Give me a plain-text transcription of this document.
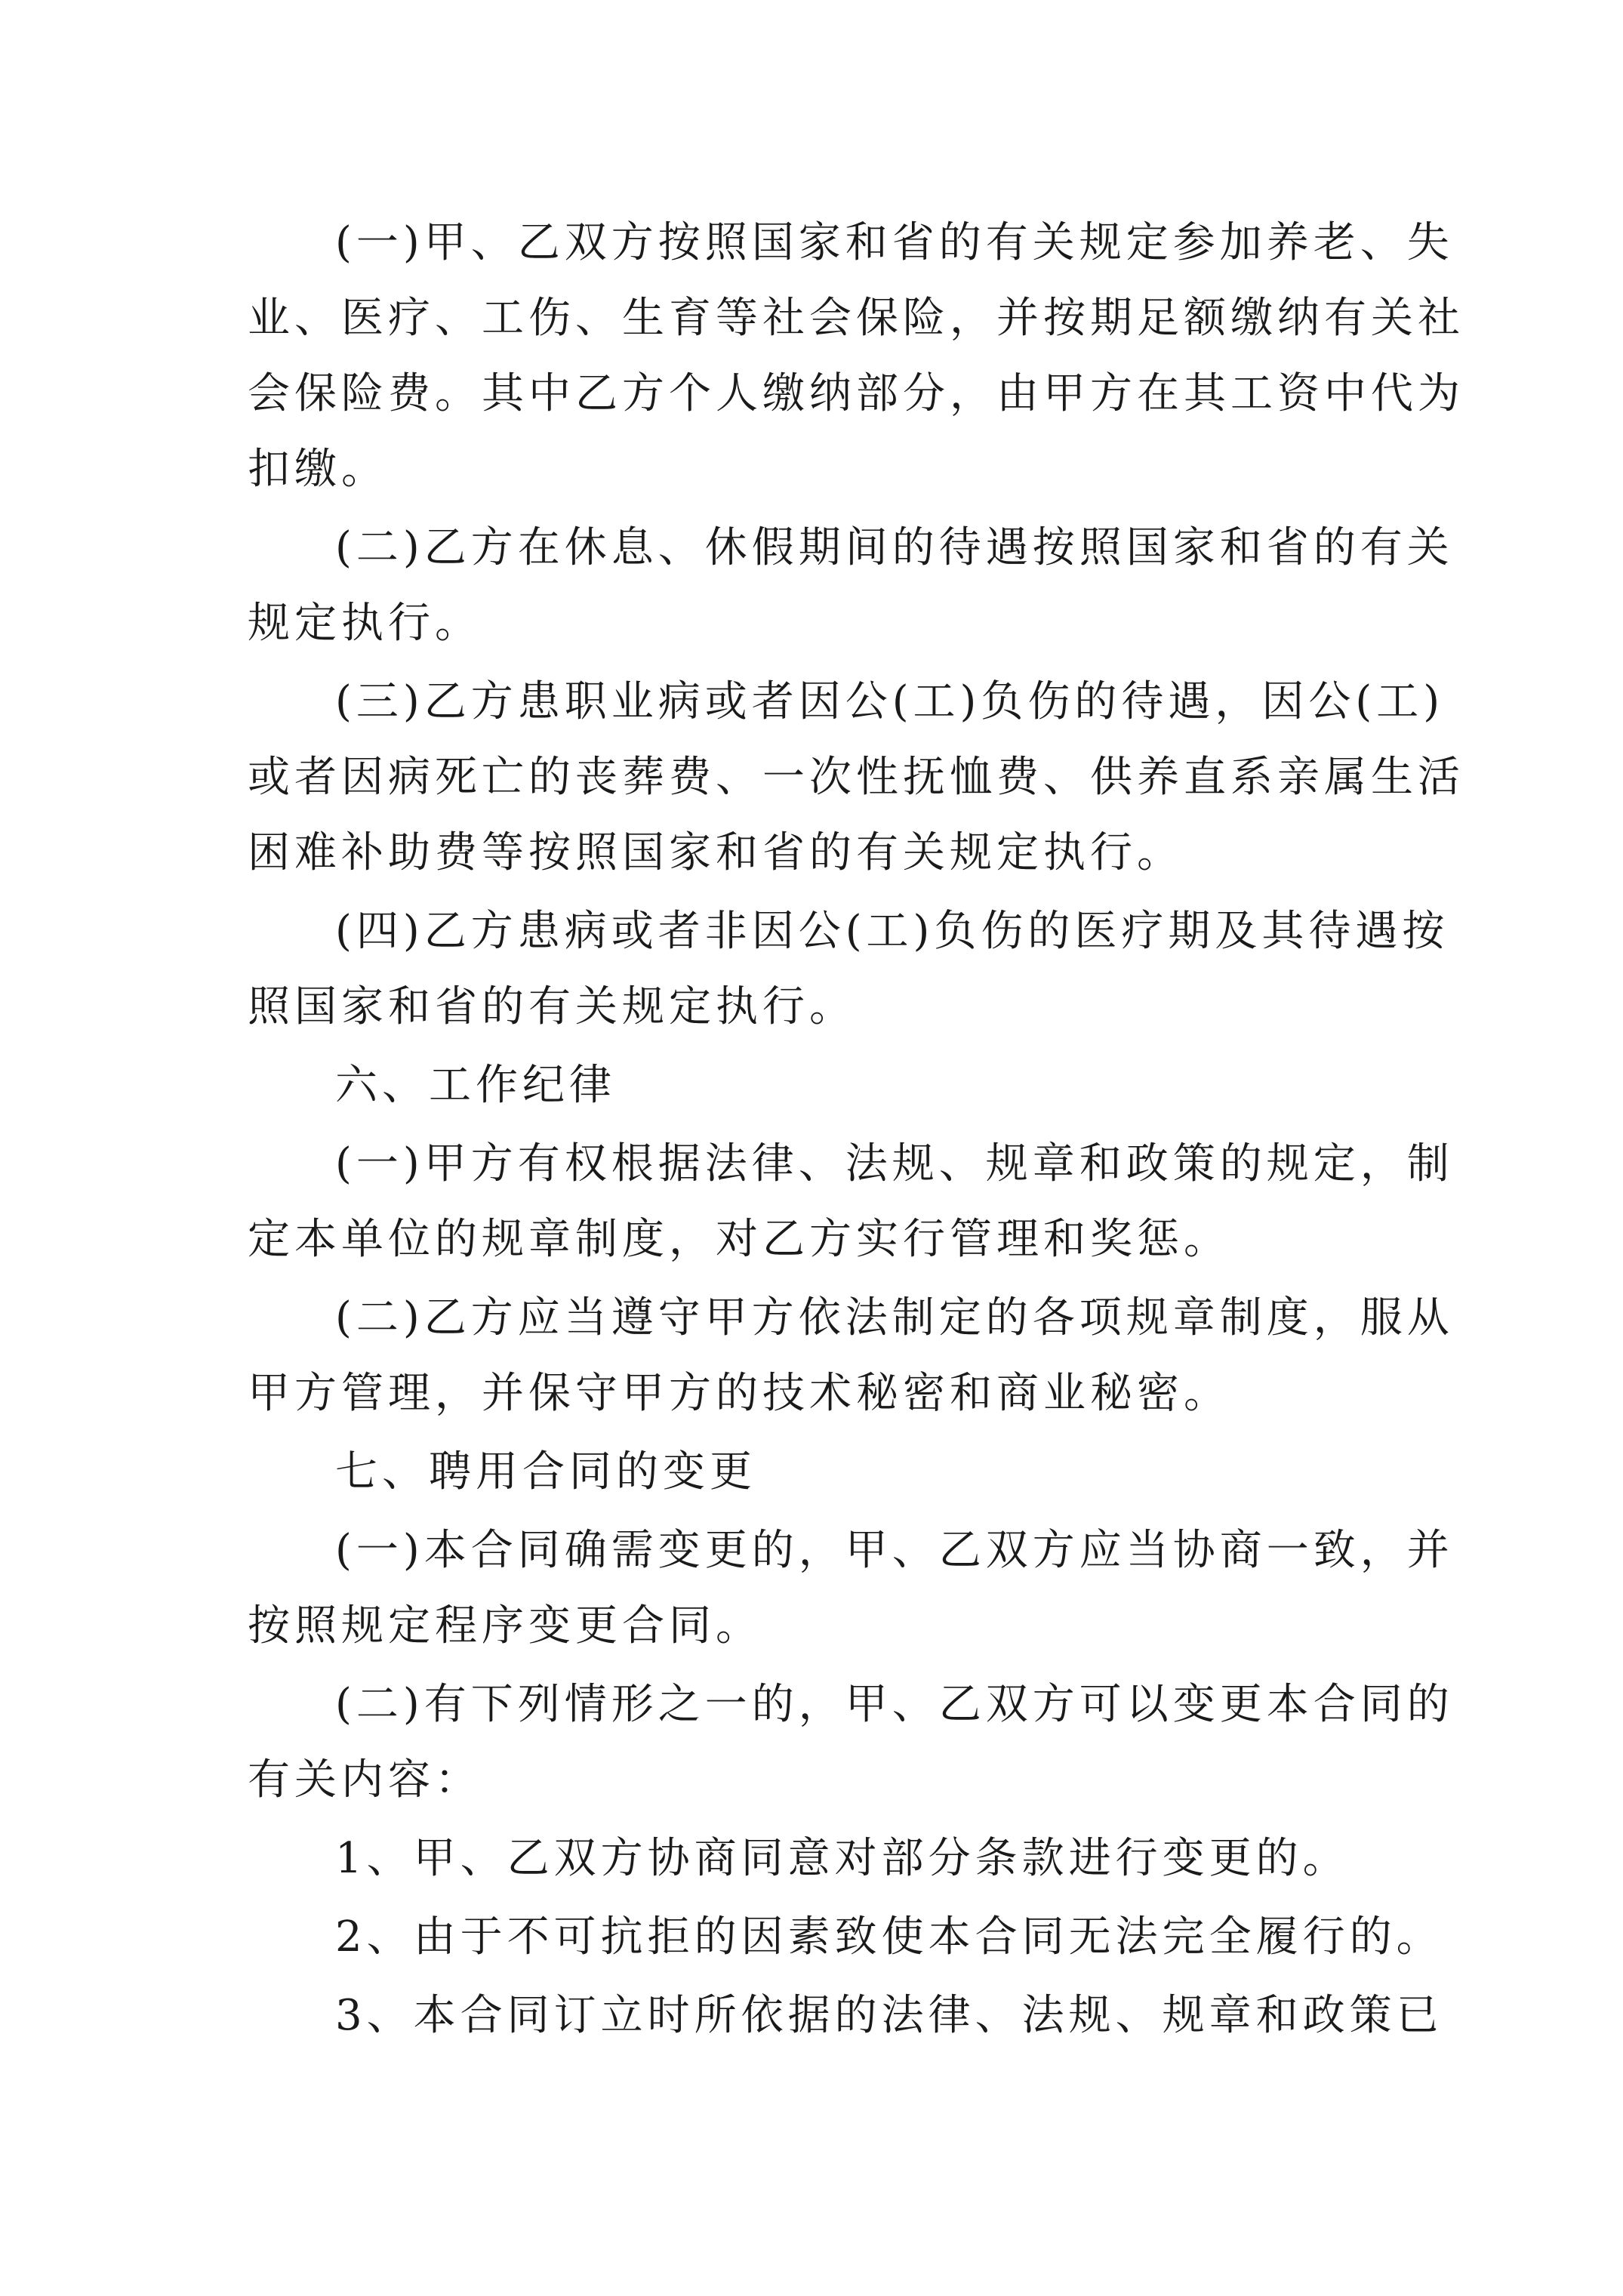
(一)甲、乙双方按照国家和省的有关规定参加养老、失
业、医疗、工伤、生育等社会保险，并按期足额缴纳有关社
会保险费。其中乙方个人缴纳部分，由甲方在其工资中代为
扣缴。
(二)乙方在休息、休假期间的待遇按照国家和省的有关
规定执行。
(三)乙方患职业病或者因公(工)负伤的待遇，因公(工)
或者因病死亡的丧葬费、一次性抚恤费、供养直系亲属生活
困难补助费等按照国家和省的有关规定执行。
(四)乙方患病或者非因公(工)负伤的医疗期及其待遇按
照国家和省的有关规定执行。
六、工作纪律
(一)甲方有权根据法律、法规、规章和政策的规定，制
定本单位的规章制度，对乙方实行管理和奖惩。
(二)乙方应当遵守甲方依法制定的各项规章制度，服从
甲方管理，并保守甲方的技术秘密和商业秘密。
七、聘用合同的变更
(一)本合同确需变更的，甲、乙双方应当协商一致，并
按照规定程序变更合同。
(二)有下列情形之一的，甲、乙双方可以变更本合同的
有关内容：
1、甲、乙双方协商同意对部分条款进行变更的。
2、由于不可抗拒的因素致使本合同无法完全履行的。
3、本合同订立时所依据的法律、法规、规章和政策已
